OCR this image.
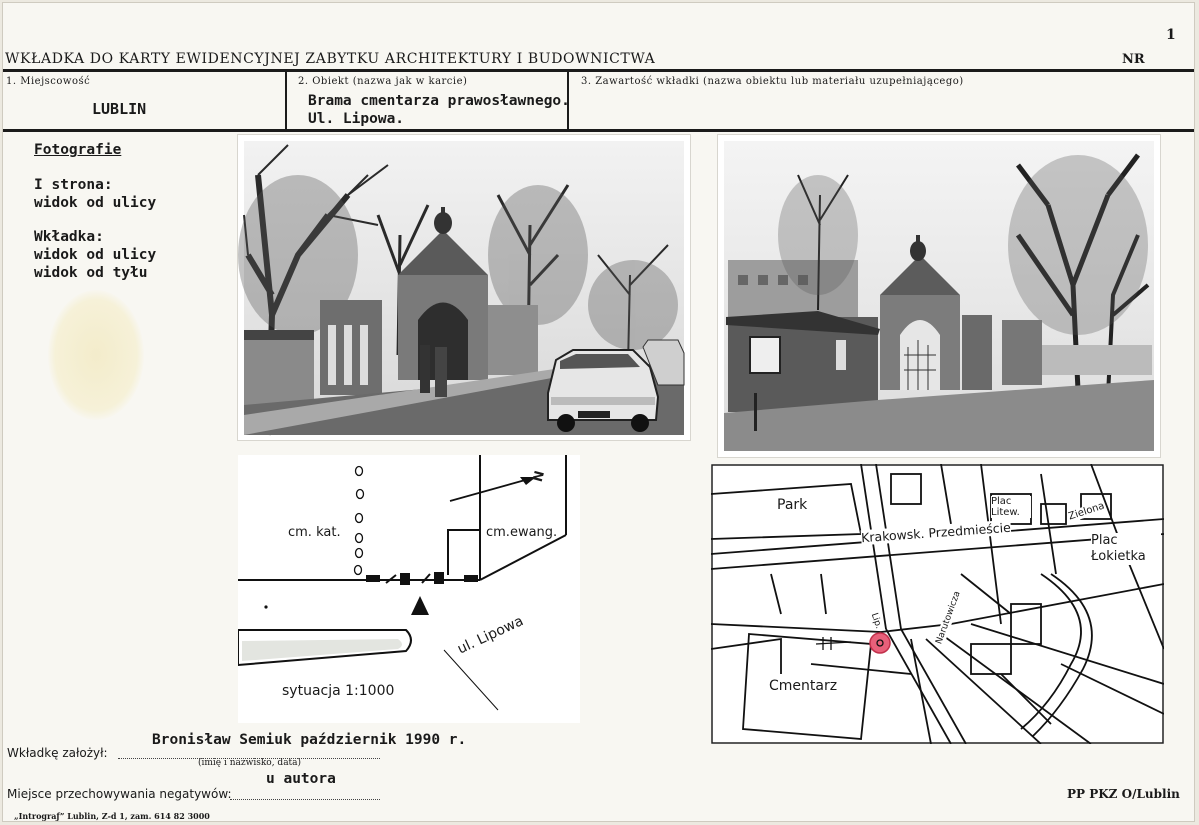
WKŁADKA DO KARTY EWIDENCYJNEJ ZABYTKU ARCHITEKTURY I BUDOWNICTWA
1
NR
1. Miejscowość
LUBLIN
2. Obiekt (nazwa jak w karcie)
Brama cmentarza prawosławnego.
Ul. Lipowa.
3. Zawartość wkładki (nazwa obiektu lub materiału uzupełniającego)
Fotografie
I strona:
widok od ulicy
Wkładka:
widok od ulicy
widok od tyłu
cm. kat.	cm.ewang.
ul. Lipowa
sytuacja 1:1000
N
Park	Plac Litew.	Zielona
Krakowsk. Przedmieście	Plac Łokietka
Lip.	Narutowicza
Cmentarz
Wkładkę założył:
Bronisław Semiuk październik 1990 r.
(imię i nazwisko, data)
Miejsce przechowywania negatywów:
u autora
PP PKZ O/Lublin
„Intrograƒ” Lublin, Z-d 1, zam. 614 82 3000
